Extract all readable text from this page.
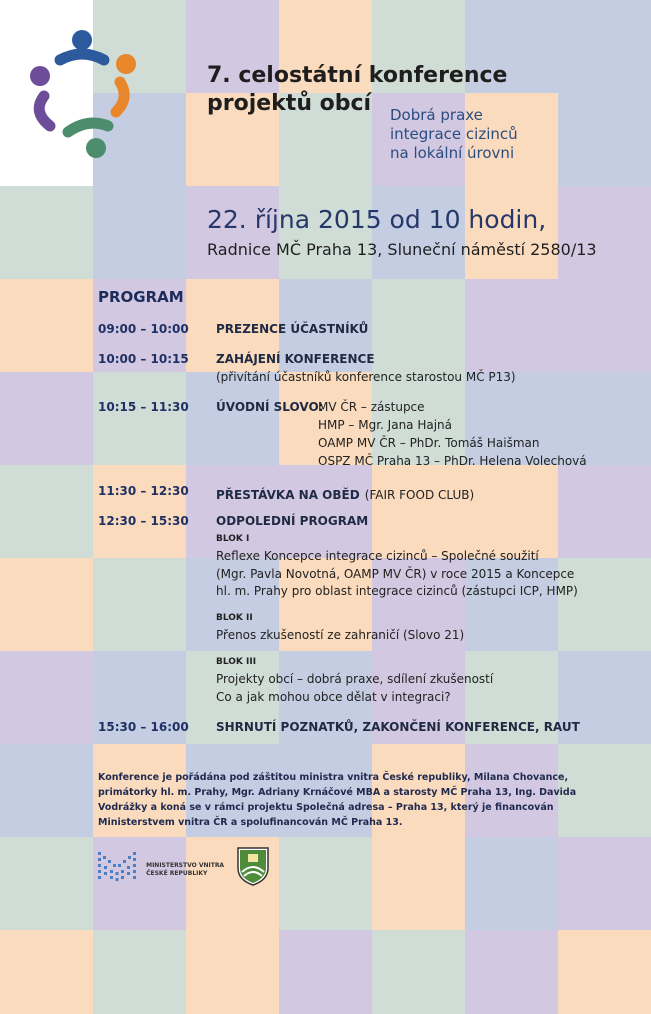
7. celostátní konference
projektů obcí	Dobrá praxe
integrace cizinců
na lokální úrovni
22. října 2015 od 10 hodin,
Radnice MČ Praha 13, Sluneční náměstí 2580/13
PROGRAM
09:00 – 10:00 PREZENCE ÚČASTNÍKŮ
10:00 – 10:15 ZAHÁJENÍ KONFERENCE
(přivítání účastníků konference starostou MČ P13)
10:15 – 11:30 ÚVODNÍ SLOVO:
MV ČR – zástupce
HMP – Mgr. Jana Hajná
OAMP MV ČR – PhDr. Tomáš Haišman
OSPZ MČ Praha 13 – PhDr. Helena Volechová
11:30 – 12:30 PŘESTÁVKA NA OBĚD (FAIR FOOD CLUB)
12:30 – 15:30 ODPOLEDNÍ PROGRAM
BLOK I
Reflexe Koncepce integrace cizinců – Společné soužití
(Mgr. Pavla Novotná, OAMP MV ČR) v roce 2015 a Koncepce
hl. m. Prahy pro oblast integrace cizinců (zástupci ICP, HMP)
BLOK II
Přenos zkušeností ze zahraničí (Slovo 21)
BLOK III
Projekty obcí – dobrá praxe, sdílení zkušeností
Co a jak mohou obce dělat v integraci?
15:30 – 16:00 SHRNUTÍ POZNATKŮ, ZAKONČENÍ KONFERENCE, RAUT
Konference je pořádána pod záštitou ministra vnitra České republiky, Milana Chovance, primátorky hl. m. Prahy, Mgr. Adriany Krnáčové MBA a starosty MČ Praha 13, Ing. Davida Vodrážky a koná se v rámci projektu Společná adresa – Praha 13, který je financován Ministerstvem vnitra ČR a spolufinancován MČ Praha 13.
MINISTERSTVO VNITRA
ČESKÉ REPUBLIKY
